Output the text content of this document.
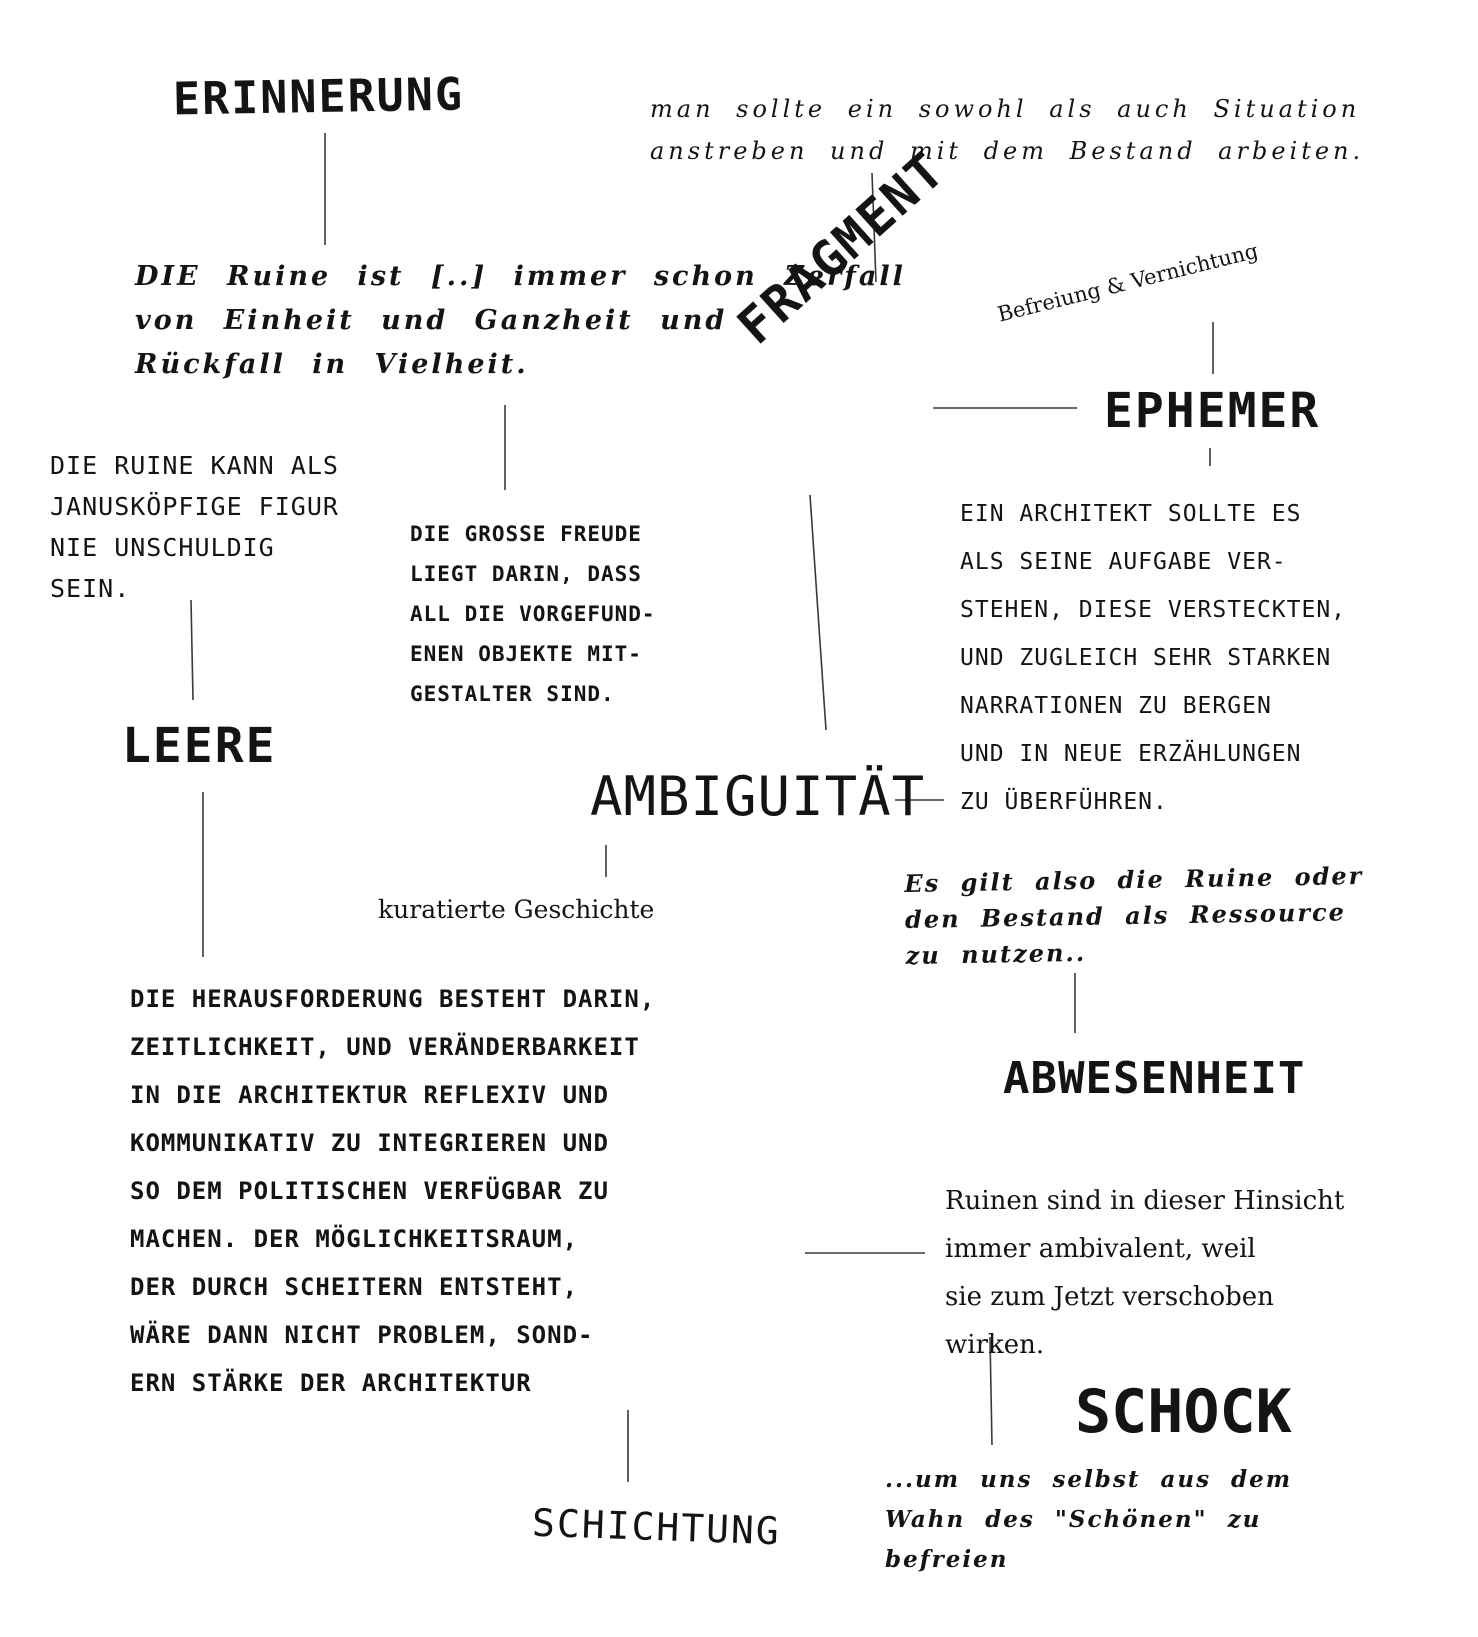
ERINNERUNG
FRAGMENT
EPHEMER
LEERE
AMBIGUITÄT
ABWESENHEIT
SCHOCK
SCHICHTUNG

man sollte ein sowohl als auch Situation anstreben und mit dem Bestand arbeiten.

DIE Ruine ist [..] immer schon Zerfall
von Einheit und Ganzheit und
Rückfall in Vielheit.

Befreiung & Vernichtung

DIE RUINE KANN ALS
JANUSKÖPFIGE FIGUR
NIE UNSCHULDIG
SEIN.

DIE GROSSE FREUDE
LIEGT DARIN, DASS
ALL DIE VORGEFUND-
ENEN OBJEKTE MIT-
GESTALTER SIND.

EIN ARCHITEKT SOLLTE ES
ALS SEINE AUFGABE VER-
STEHEN, DIESE VERSTECKTEN,
UND ZUGLEICH SEHR STARKEN
NARRATIONEN ZU BERGEN
UND IN NEUE ERZÄHLUNGEN
ZU ÜBERFÜHREN.

Es gilt also die Ruine oder
den Bestand als Ressource
zu nutzen..

kuratierte Geschichte

DIE HERAUSFORDERUNG BESTEHT DARIN,
ZEITLICHKEIT, UND VERÄNDERBARKEIT
IN DIE ARCHITEKTUR REFLEXIV UND
KOMMUNIKATIV ZU INTEGRIEREN UND
SO DEM POLITISCHEN VERFÜGBAR ZU
MACHEN. DER MÖGLICHKEITSRAUM,
DER DURCH SCHEITERN ENTSTEHT,
WÄRE DANN NICHT PROBLEM, SOND-
ERN STÄRKE DER ARCHITEKTUR

Ruinen sind in dieser Hinsicht
immer ambivalent, weil
sie zum Jetzt verschoben
wirken.

...um uns selbst aus dem
Wahn des "Schönen" zu
befreien
